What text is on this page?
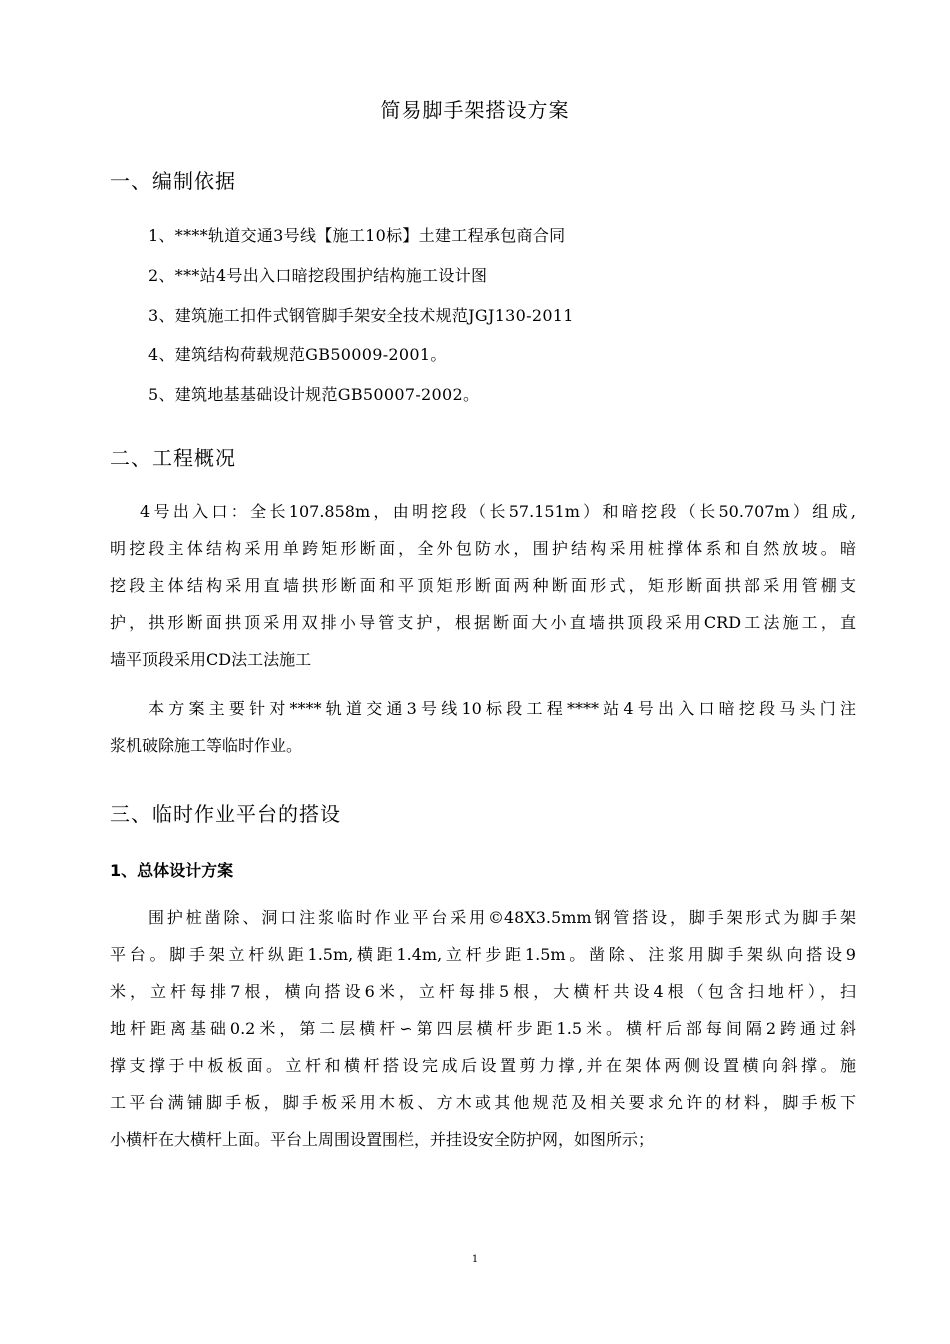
简易脚手架搭设方案
一、编制依据
1、****轨道交通3号线【施工10标】土建工程承包商合同
2、***站4号出入口暗挖段围护结构施工设计图
3、建筑施工扣件式钢管脚手架安全技术规范JGJ130-2011
4、建筑结构荷载规范GB50009-2001。
5、建筑地基基础设计规范GB50007-2002。
二、工程概况
4号出入口：全长107.858m，由明挖段（长57.151m）和暗挖段（长50.707m）组成,
明挖段主体结构采用单跨矩形断面，全外包防水，围护结构采用桩撑体系和自然放坡。暗
挖段主体结构采用直墙拱形断面和平顶矩形断面两种断面形式，矩形断面拱部采用管棚支
护，拱形断面拱顶采用双排小导管支护，根据断面大小直墙拱顶段采用CRD工法施工，直
墙平顶段采用CD法工法施工
本方案主要针对****轨道交通3号线10标段工程****站4号出入口暗挖段马头门注
浆机破除施工等临时作业。
三、临时作业平台的搭设
1、总体设计方案
围护桩凿除、洞口注浆临时作业平台采用©48X3.5mm钢管搭设，脚手架形式为脚手架
平台。脚手架立杆纵距1.5m,横距1.4m,立杆步距1.5m。凿除、注浆用脚手架纵向搭设9
米，立杆每排7根，横向搭设6米，立杆每排5根，大横杆共设4根（包含扫地杆），扫
地杆距离基础0.2米，第二层横杆∽第四层横杆步距1.5米。横杆后部每间隔2跨通过斜
撑支撑于中板板面。立杆和横杆搭设完成后设置剪力撑,并在架体两侧设置横向斜撑。施
工平台满铺脚手板，脚手板采用木板、方木或其他规范及相关要求允许的材料，脚手板下
小横杆在大横杆上面。平台上周围设置围栏，并挂设安全防护网，如图所示；
1
